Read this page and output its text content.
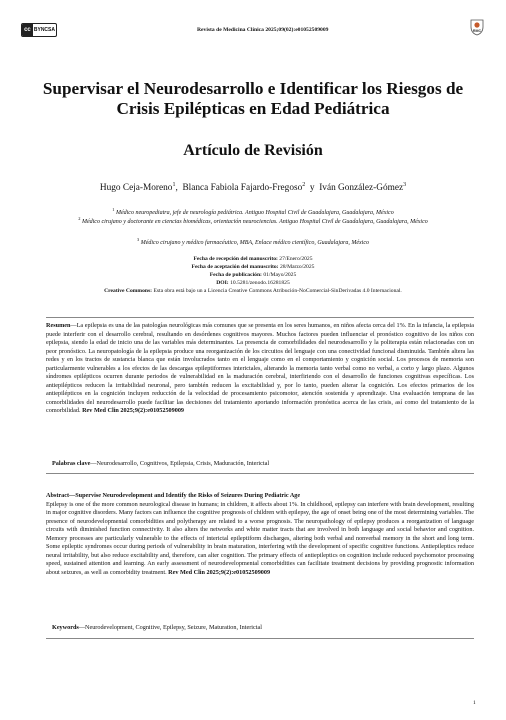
cc BY NC SA	Revista de Medicina Clínica 2025;09(02):e01052509009	RMC
Supervisar el Neurodesarrollo e Identificar los Riesgos de Crisis Epilépticas en Edad Pediátrica
Artículo de Revisión
Hugo Ceja-Moreno$^1$,  Blanca Fabiola Fajardo-Fregoso$^2$  y  Iván González-Gómez$^3$
$^1$ Médico neuropediatra, jefe de neurología pediátrica. Antiguo Hospital Civil de Guadalajara, Guadalajara, México
$^2$ Médico cirujano y doctorante en ciencias biomédicas, orientación neurociencias. Antiguo Hospital Civil de Guadalajara, Guadalajara, México
$^3$ Médico cirujano y médico farmacéutico, MBA, Enlace médico científico, Guadalajara, México
Fecha de recepción del manuscrito: 27/Enero/2025
Fecha de aceptación del manuscrito: 28/Marzo/2025
Fecha de publicación: 01/Mayo/2025
DOI: 10.5281/zenodo.16281825
Creative Commons: Esta obra está bajo un a Licencia Creative Commons Atribución-NoComercial-SinDerivadas 4.0 Internacional.
Resumen—La epilepsia es una de las patologías neurológicas más comunes que se presenta en los seres humanos, en niños afecta cerca del 1%. En la infancia, la epilepsia puede interferir con el desarrollo cerebral, resultando en desórdenes cognitivos mayores. Muchos factores pueden influenciar el pronóstico cognitivo de los niños con epilepsia, siendo la edad de inicio una de las variables más determinantes. La presencia de comorbilidades del neurodesarrollo y la politerapia están relacionadas con un peor pronóstico. La neuropatología de la epilepsia produce una reorganización de los circuitos del lenguaje con una conectividad funcional disminuida. También altera las redes y en los tractos de sustancia blanca que están involucrados tanto en el lenguaje como en el comportamiento y cognición social. Los procesos de memoria son particularmente vulnerables a los efectos de las descargas epileptiformes interictales, alterando la memoria tanto verbal como no verbal, a corto y largo plazo. Algunos síndromes epilépticos ocurren durante periodos de vulnerabilidad en la maduración cerebral, interfiriendo con el desarrollo de funciones cognitivas específicas. Los antiepilépticos reducen la irritabilidad neuronal, pero también reducen la excitabilidad y, por lo tanto, pueden alterar la cognición. Los efectos primarios de los antiepilépticos en la cognición incluyen reducción de la velocidad de procesamiento psicomotor, atención sostenida y aprendizaje. Una evaluación temprana de las comorbilidades del neurodesarrollo puede facilitar las decisiones del tratamiento aportando información pronóstica acerca de las crisis, así como del tratamiento de la comorbilidad. Rev Med Clin 2025;9(2):e01052509009
Palabras clave—Neurodesarrollo, Cognitivos, Epilepsia, Crisis, Maduración, Interictal
Abstract—Supervise Neurodevelopment and Identify the Risks of Seizures During Pediatric Age
Epilepsy is one of the more common neurological disease in humans; in children, it affects about 1%. In childhood, epilepsy can interfere with brain development, resulting in major cognitive disorders. Many factors can influence the cognitive prognosis of children with epilepsy, the age of onset being one of the most determining variables. The presence of neurodevelopmental comorbidities and polytherapy are related to a worse prognosis. The neuropathology of epilepsy produces a reorganization of language circuits with diminished function connectivity. It also alters the networks and white matter tracts that are involved in both language and social behavior and cognition. Memory processes are particularly vulnerable to the effects of interictal epileptiform discharges, altering both verbal and nonverbal memory in the short and long term. Some epileptic syndromes occur during periods of vulnerability in brain maturation, interfering with the development of specific cognitive functions. Antiepileptics reduce neural irritability, but also reduce excitability and, therefore, can alter cognition. The primary effects of antiepileptics on cognition include reduced psychomotor processing speed, sustained attention and learning. An early assessment of neurodevelopmental comorbidities can facilitate treatment decisions by providing prognostic information about seizures, as well as comorbidity treatment. Rev Med Clin 2025;9(2):e01052509009
Keywords—Neurodevelopment, Cognitive, Epilepsy, Seizure, Maturation, Interictal
1
